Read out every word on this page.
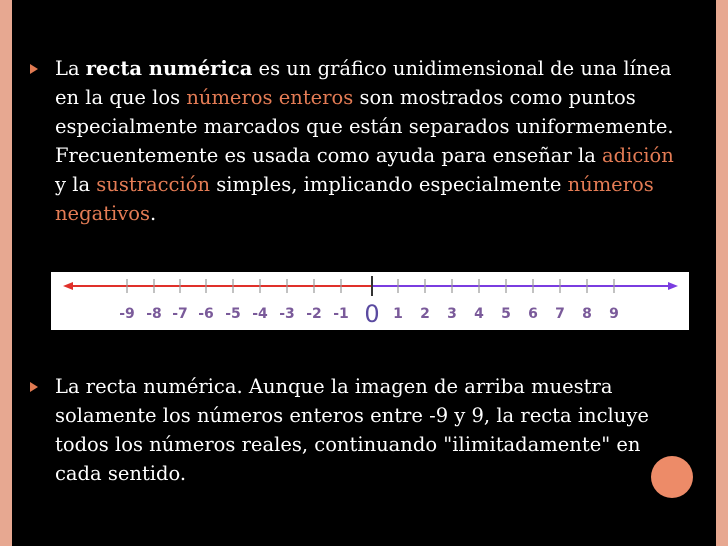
La recta numérica es un gráfico unidimensional de una línea en la que los números enteros son mostrados como puntos especialmente marcados que están separados uniformemente. Frecuentemente es usada como ayuda para enseñar la adición y la sustracción simples, implicando especialmente números negativos.
-9 -8 -7 -6 -5 -4 -3 -2 -1 0 1 2 3 4 5 6 7 8 9
La recta numérica. Aunque la imagen de arriba muestra solamente los números enteros entre -9 y 9, la recta incluye todos los números reales, continuando "ilimitadamente" en cada sentido.
